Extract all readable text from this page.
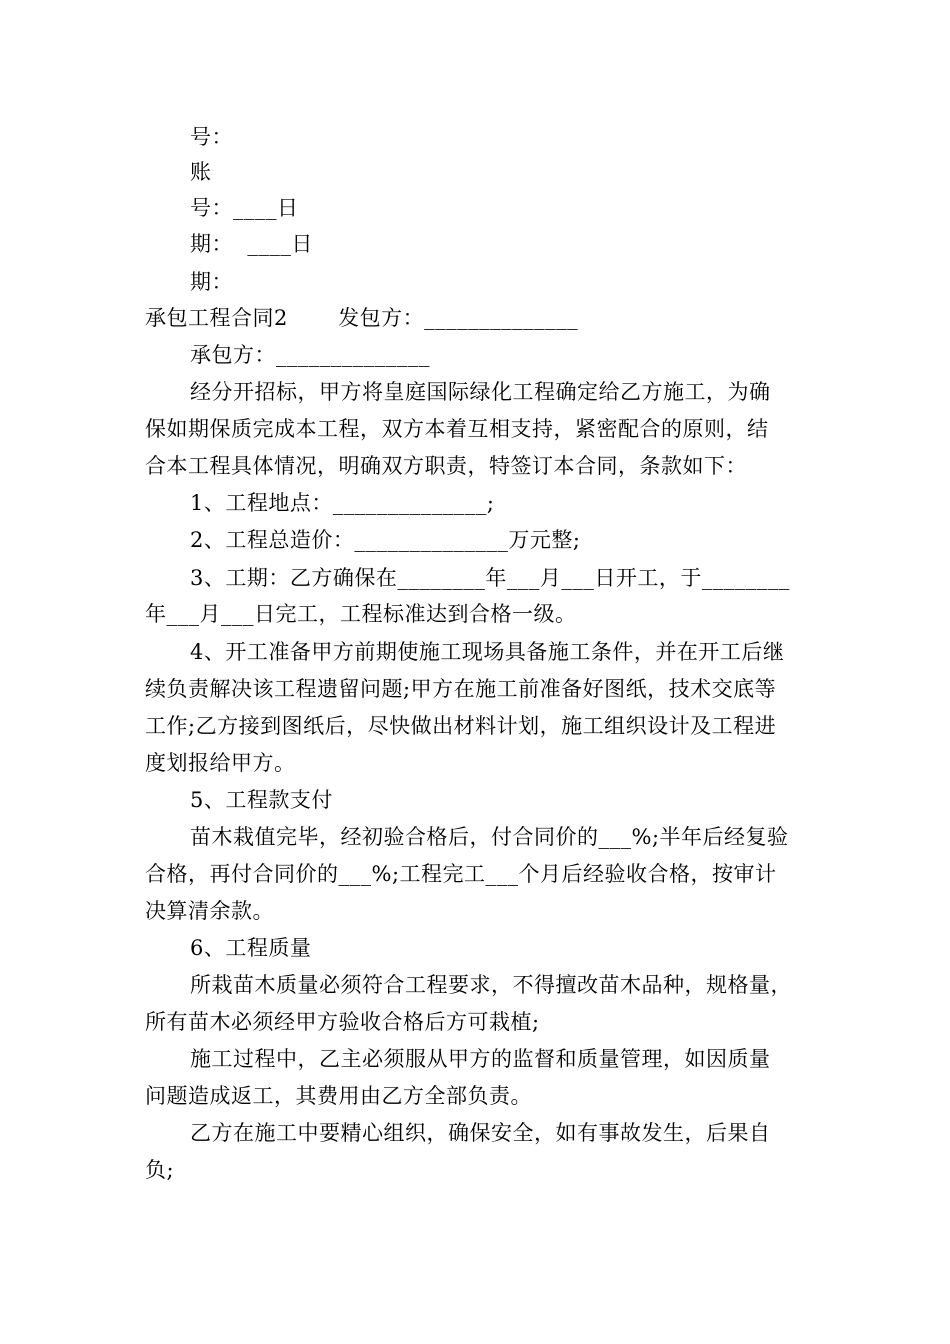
号：
账
号：____日
期：  ____日
期：
承包工程合同2       发包方：______________
承包方：______________
经分开招标，甲方将皇庭国际绿化工程确定给乙方施工，为确
保如期保质完成本工程，双方本着互相支持，紧密配合的原则，结
合本工程具体情况，明确双方职责，特签订本合同，条款如下：
1、工程地点：______________;
2、工程总造价：______________万元整;
3、工期：乙方确保在________年___月___日开工，于________
年___月___日完工，工程标准达到合格一级。
4、开工准备甲方前期使施工现场具备施工条件，并在开工后继
续负责解决该工程遗留问题;甲方在施工前准备好图纸，技术交底等
工作;乙方接到图纸后，尽快做出材料计划，施工组织设计及工程进
度划报给甲方。
5、工程款支付
苗木栽值完毕，经初验合格后，付合同价的___%;半年后经复验
合格，再付合同价的___%;工程完工___个月后经验收合格，按审计
决算清余款。
6、工程质量
所栽苗木质量必须符合工程要求，不得擅改苗木品种，规格量，
所有苗木必须经甲方验收合格后方可栽植;
施工过程中，乙主必须服从甲方的监督和质量管理，如因质量
问题造成返工，其费用由乙方全部负责。
乙方在施工中要精心组织，确保安全，如有事故发生，后果自
负;
